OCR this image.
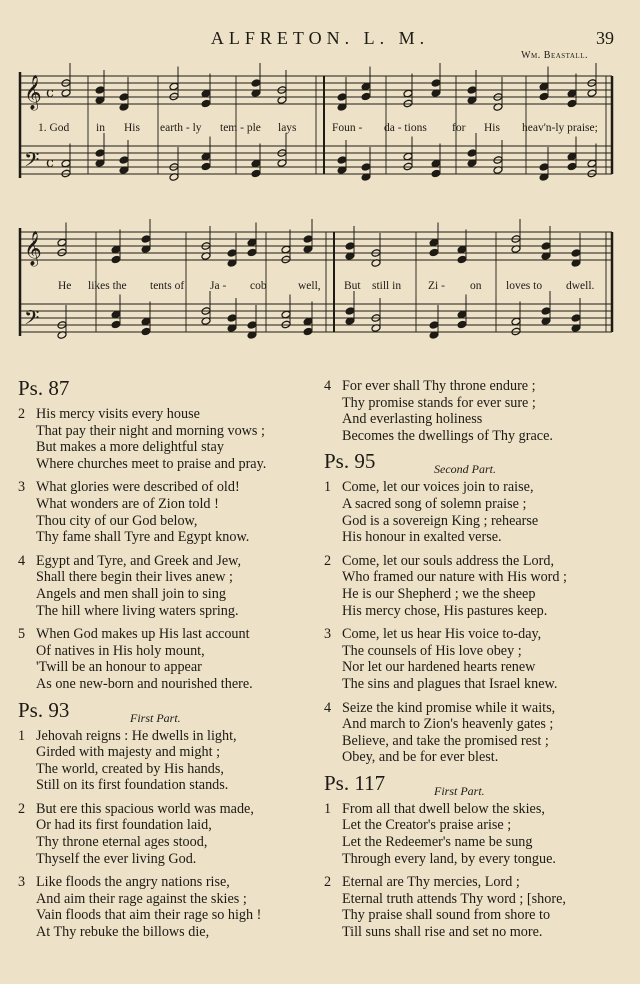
ALFRETON. L. M.	39
Wm. Beastall.
𝄞
𝄢
𝄞
𝄢
c
c
1. God in His earth - ly tem - ple lays	Foun - da - tions for His heav'n-ly praise;
He likes the tents of Ja - cob	well, But still in Zi - on loves to dwell.
Ps. 87
2 His mercy visits every house
That pay their night and morning vows ;
But makes a more delightful stay
Where churches meet to praise and pray.
3 What glories were described of old!
What wonders are of Zion told !
Thou city of our God below,
Thy fame shall Tyre and Egypt know.
4 Egypt and Tyre, and Greek and Jew,
Shall there begin their lives anew ;
Angels and men shall join to sing
The hill where living waters spring.
5 When God makes up His last account
Of natives in His holy mount,
'Twill be an honour to appear
As one new-born and nourished there.
Ps. 93	First Part.
1 Jehovah reigns : He dwells in light,
Girded with majesty and might ;
The world, created by His hands,
Still on its first foundation stands.
2 But ere this spacious world was made,
Or had its first foundation laid,
Thy throne eternal ages stood,
Thyself the ever living God.
3 Like floods the angry nations rise,
And aim their rage against the skies ;
Vain floods that aim their rage so high !
At Thy rebuke the billows die,
4 For ever shall Thy throne endure ;
Thy promise stands for ever sure ;
And everlasting holiness
Becomes the dwellings of Thy grace.
Ps. 95	Second Part.
1 Come, let our voices join to raise,
A sacred song of solemn praise ;
God is a sovereign King ; rehearse
His honour in exalted verse.
2 Come, let our souls address the Lord,
Who framed our nature with His word ;
He is our Shepherd ; we the sheep
His mercy chose, His pastures keep.
3 Come, let us hear His voice to-day,
The counsels of His love obey ;
Nor let our hardened hearts renew
The sins and plagues that Israel knew.
4 Seize the kind promise while it waits,
And march to Zion's heavenly gates ;
Believe, and take the promised rest ;
Obey, and be for ever blest.
Ps. 117	First Part.
1 From all that dwell below the skies,
Let the Creator's praise arise ;
Let the Redeemer's name be sung
Through every land, by every tongue.
2 Eternal are Thy mercies, Lord ;
Eternal truth attends Thy word ; [shore,
Thy praise shall sound from shore to
Till suns shall rise and set no more.
